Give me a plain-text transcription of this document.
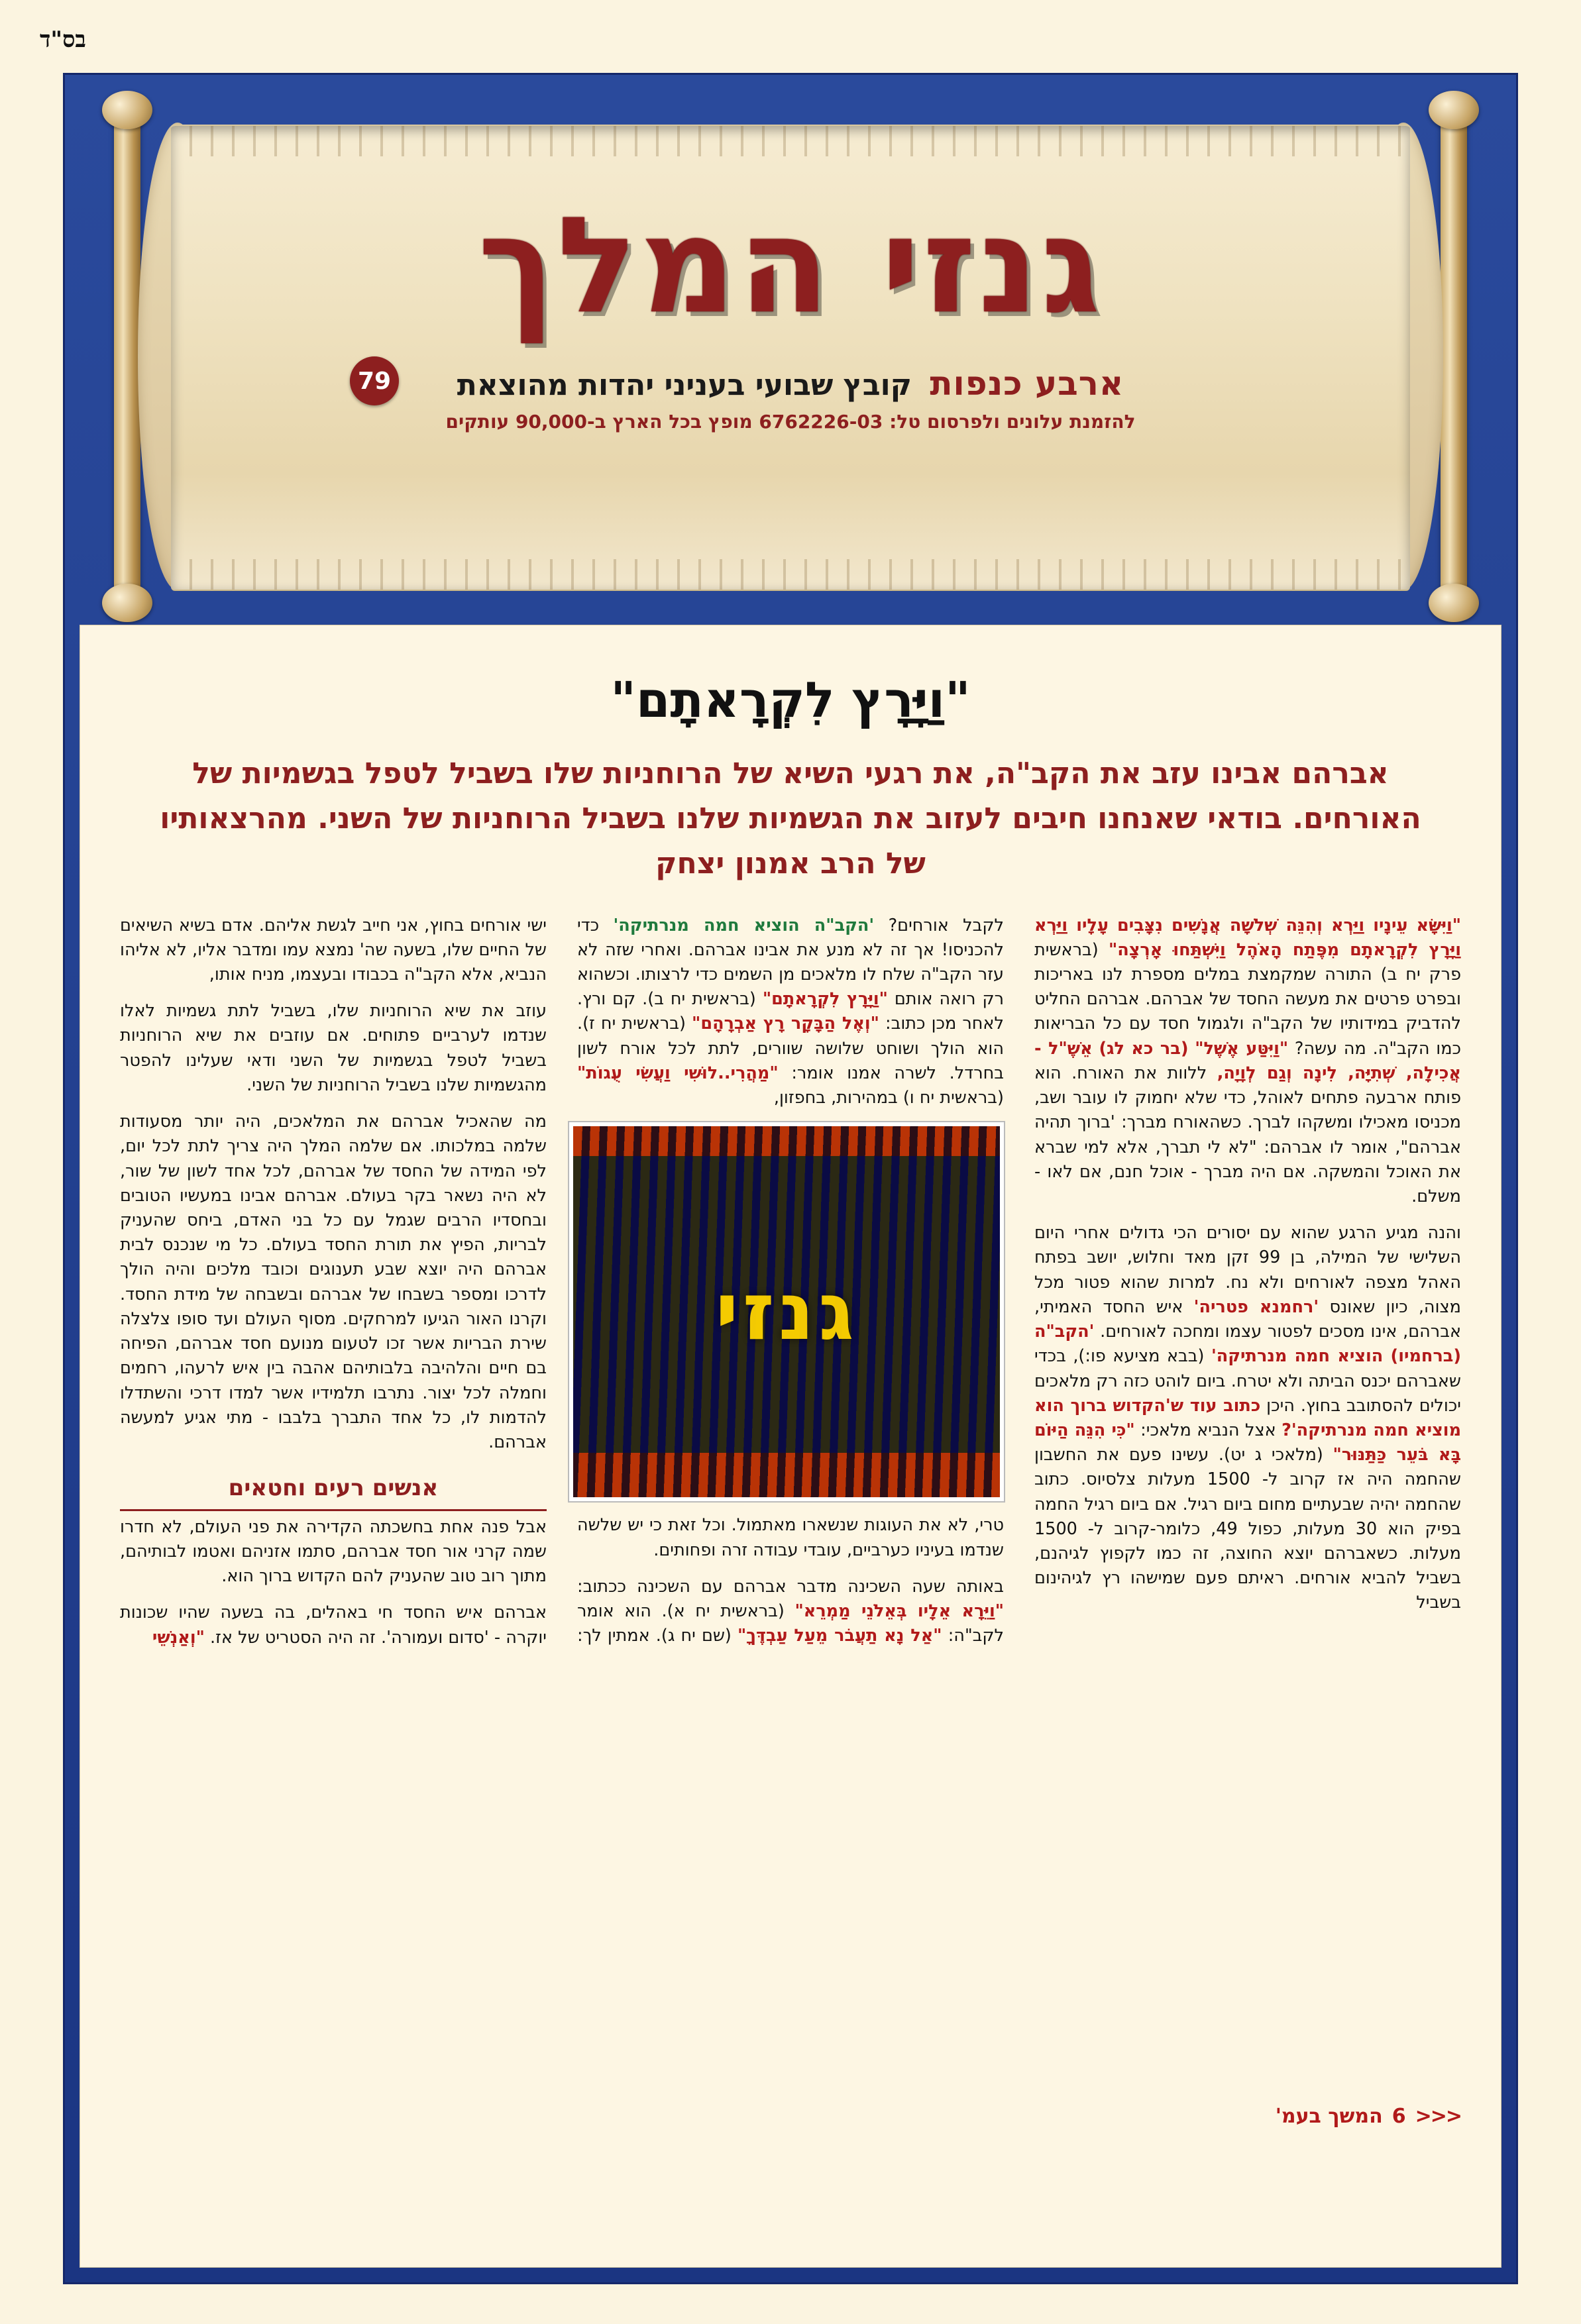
בס"ד
גנזי המלך
ארבע כנפות קובץ שבועי בעניני יהדות מהוצאת
79
להזמנת עלונים ולפרסום טל: 6762226-03 מופץ בכל הארץ ב-90,000 עותקים
"וַיָּרָץ לִקְרָאתָם"
אברהם אבינו עזב את הקב"ה, את רגעי השיא של הרוחניות שלו בשביל לטפל בגשמיות של האורחים. בודאי שאנחנו חיבים לעזוב את הגשמיות שלנו בשביל הרוחניות של השני. מהרצאותיו של הרב אמנון יצחק

"וַיִּשָּׂא עֵינָיו וַיַּרְא וְהִנֵּה שְׁלֹשָׁה אֲנָשִׁים נִצָּבִים עָלָיו וַיַּרְא וַיָּרָץ לִקְרָאתָם מִפֶּתַח הָאֹהֶל וַיִּשְׁתַּחוּ אָרְצָה" (בראשית פרק יח ב) התורה שמקמצת במלים מספרת לנו באריכות ובפרט פרטים את מעשה החסד של אברהם. אברהם החליט להדביק במידותיו של הקב"ה ולגמול חסד עם כל הבריאות כמו הקב"ה. מה עשה? "וַיִּטַּע אֶשֶׁל" (בר כא לג) אֵשֶׁ"ל - אֲכִילָה, שְׁתִיָּה, לִינָה וְגַם לְוָיָה, ללוות את האורח. הוא פותח ארבעה פתחים לאוהל, כדי שלא יחמוק לו עובר ושב, מכניסו מאכילו ומשקהו לברך. כשהאורח מברך: 'ברוך תהיה אברהם", אומר לו אברהם: "לא לי תברך, אלא למי שברא את האוכל והמשקה. אם היה מברך - אוכל חנם, אם לאו - משלם.

והנה מגיע הרגע שהוא עם יסורים הכי גדולים אחרי היום השלישי של המילה, בן 99 זקן מאד וחלוש, יושב בפתח האהל מצפה לאורחים ולא נח. למרות שהוא פטור מכל מצוה, כיון שאונס 'רחמנא פטריה' איש החסד האמיתי, אברהם, אינו מסכים לפטור עצמו ומחכה לאורחים. 'הקב"ה (ברחמיו) הוציא חמה מנרתיקה' (בבא מציעא פו:), בכדי שאברהם יכנס הביתה ולא יטרח. ביום לוהט כזה רק מלאכים יכולים להסתובב בחוץ. היכן כתוב עוד ש'הקדוש ברוך הוא מוציא חמה מנרתיקה'? אצל הנביא מלאכי: "כִּי הִנֵּה הַיּוֹם בָּא בֹּעֵר כַּתַּנּוּר" (מלאכי ג יט). עשינו פעם את החשבון שהחמה היה אז קרוב ל- 1500 מעלות צלסיוס. כתוב שהחמה יהיה שבעתיים מחום ביום רגיל. אם ביום רגיל החמה בפיק הוא 30 מעלות, כפול 49, כלומר-קרוב ל- 1500 מעלות. כשאברהם יוצא החוצה, זה כמו לקפוץ לגיהנם, בשביל להביא אורחים. ראיתם פעם שמישהו רץ לגיהינום בשביל

לקבל אורחים? 'הקב"ה הוציא חמה מנרתיקה' כדי להכניסו! אך זה לא מנע את אבינו אברהם. ואחרי שזה לא עזר הקב"ה שלח לו מלאכים מן השמים כדי לרצותו. וכשהוא רק רואה אותם "וַיָּרָץ לִקְרָאתָם" (בראשית יח ב). קם ורץ. לאחר מכן כתוב: "וְאֶל הַבָּקָר רָץ אַבְרָהָם" (בראשית יח ז). הוא הולך ושוחט שלושה שוורים, לתת לכל אורח לשון בחרדל. לשרה אמנו אומר: "מַהֲרִי..לוּשִׁי וַעֲשִׂי עֻגוֹת" (בראשית יח ו) במהירות, בחפזון,

גנזי

טרי, לא את העוגות שנשארו מאתמול. וכל זאת כי יש שלשה שנדמו בעיניו כערביים, עובדי עבודה זרה ופחותים.

באותה שעה השכינה מדבר אברהם עם השכינה ככתוב: "וַיֵּרָא אֵלָיו בְּאֵלֹנֵי מַמְרֵא" (בראשית יח א). הוא אומר לקב"ה: "אַל נָא תַעֲבֹר מֵעַל עַבְדֶּךָ" (שם יח ג). אמתין לך: ישי אורחים בחוץ, אני חייב לגשת אליהם. אדם בשיא השיאים של החיים שלו, בשעה שה' נמצא עמו ומדבר אליו, לא אליהו הנביא, אלא הקב"ה בכבודו ובעצמו, מניח אותו,

עוזב את שיא הרוחניות שלו, בשביל לתת גשמיות לאלו שנדמו לערביים פתוחים. אם עוזבים את שיא הרוחניות בשביל לטפל בגשמיות של השני ודאי שעלינו להפטר מהגשמיות שלנו בשביל הרוחניות של השני.

מה שהאכיל אברהם את המלאכים, היה יותר מסעודות שלמה במלכותו. אם שלמה המלך היה צריך לתת לכל יום, לפי המידה של החסד של אברהם, לכל אחד לשון של שור, לא היה נשאר בקר בעולם. אברהם אבינו במעשיו הטובים ובחסדיו הרבים שגמל עם כל בני האדם, ביחס שהעניק לבריות, הפיץ את תורת החסד בעולם. כל מי שנכנס לבית אברהם היה יוצא שבע תענוגים וכובד מלכים והיה הולך לדרכו ומספר בשבחו של אברהם ובשבחה של מידת החסד. וקרנו האור הגיעו למרחקים. מסוף העולם ועד סופו צלצלה שירת הבריות אשר זכו לטעום מנועם חסד אברהם, הפיחה בם חיים והלהיבה בלבותיהם אהבה בין איש לרעהו, רחמים וחמלה לכל יצור. נתרבו תלמידיו אשר למדו דרכי והשתדלו להדמות לו, כל אחד התברך בלבבו - מתי אגיע למעשה אברהם.

אנשים רעים וחטאים

אבל פנה אחת בחשכתה הקדירה את פני העולם, לא חדרו שמה קרני אור חסד אברהם, סתמו אזניהם ואטמו לבותיהם, מתוך רוב טוב שהעניק להם הקדוש ברוך הוא.

אברהם איש החסד חי באהלים, בה בשעה שהיו שכונות יוקרה - 'סדום ועמורה'. זה היה הסטריט של אז. "וְאַנְשֵׁי

<<<
6
המשך בעמ'
